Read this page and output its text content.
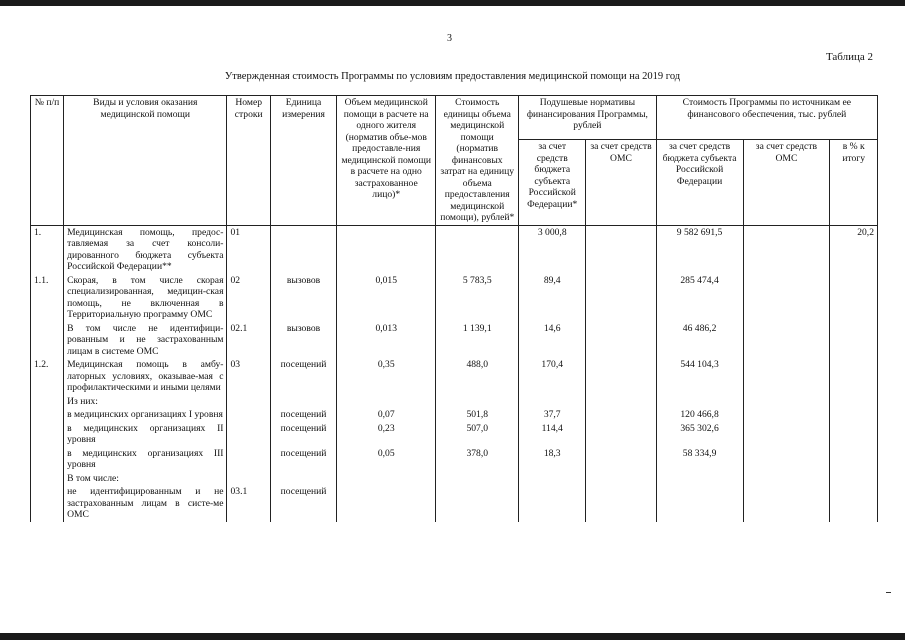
3
Таблица 2
Утвержденная стоимость Программы по условиям предоставления медицинской помощи на 2019 год
№ п/п	Виды и условия оказания медицинской помощи	Номер строки	Единица измерения	Объем медицинской помощи в расчете на одного жителя (норматив объе-мов предоставле-ния медицинской помощи в расчете на одно застрахованное лицо)*	Стоимость единицы объема медицинской помощи (норматив финансовых затрат на единицу объема предоставления медицинской помощи), рублей*	Подушевые нормативы финансирования Программы, рублей		Стоимость Программы по источникам ее финансового обеспечения, тыс. рублей		
						за счет средств бюджета субъекта Российской Федерации*	за счет средств ОМС	за счет средств бюджета субъекта Российской Федерации	за счет средств ОМС	в % к итогу
1.	Медицинская помощь, предос-тавляемая за счет консоли-дированного бюджета субъекта Российской Федерации**	01				3 000,8		9 582 691,5		20,2
1.1.	Скорая, в том числе скорая специализированная, медицин-ская помощь, не включенная в Территориальную программу ОМС	02	вызовов	0,015	5 783,5	89,4		285 474,4		
	В том числе не идентифици-рованным и не застрахованным лицам в системе ОМС	02.1	вызовов	0,013	1 139,1	14,6		46 486,2		
1.2.	Медицинская помощь в амбу-латорных условиях, оказывае-мая с профилактическими и иными целями	03	посещений	0,35	488,0	170,4		544 104,3		
	Из них:									
	в медицинских организациях I уровня		посещений	0,07	501,8	37,7		120 466,8		
	в медицинских организациях II уровня		посещений	0,23	507,0	114,4		365 302,6		
	в медицинских организациях III уровня		посещений	0,05	378,0	18,3		58 334,9		
	В том числе:									
	не идентифицированным и не застрахованным лицам в систе-ме ОМС	03.1	посещений							
